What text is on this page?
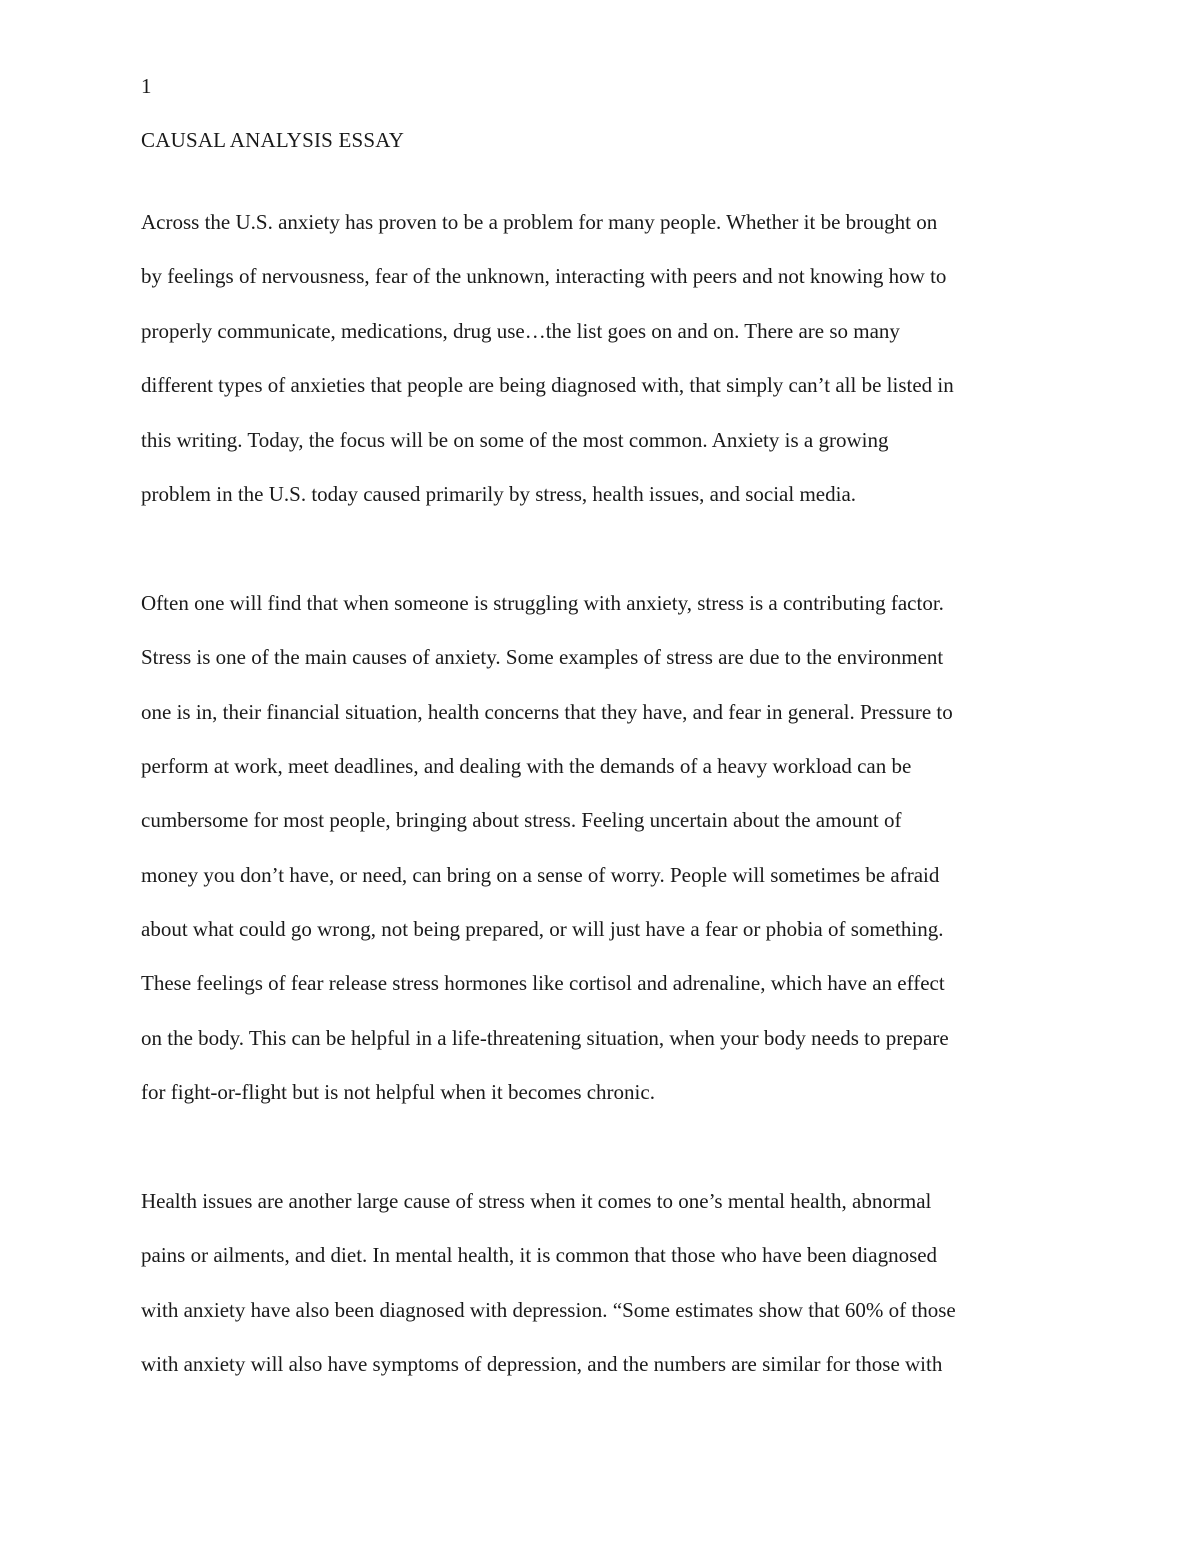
1
CAUSAL ANALYSIS ESSAY
Across the U.S. anxiety has proven to be a problem for many people. Whether it be brought on
by feelings of nervousness, fear of the unknown, interacting with peers and not knowing how to
properly communicate, medications, drug use…the list goes on and on. There are so many
different types of anxieties that people are being diagnosed with, that simply can’t all be listed in
this writing. Today, the focus will be on some of the most common. Anxiety is a growing
problem in the U.S. today caused primarily by stress, health issues, and social media.
Often one will find that when someone is struggling with anxiety, stress is a contributing factor.
Stress is one of the main causes of anxiety. Some examples of stress are due to the environment
one is in, their financial situation, health concerns that they have, and fear in general. Pressure to
perform at work, meet deadlines, and dealing with the demands of a heavy workload can be
cumbersome for most people, bringing about stress. Feeling uncertain about the amount of
money you don’t have, or need, can bring on a sense of worry. People will sometimes be afraid
about what could go wrong, not being prepared, or will just have a fear or phobia of something.
These feelings of fear release stress hormones like cortisol and adrenaline, which have an effect
on the body. This can be helpful in a life-threatening situation, when your body needs to prepare
for fight-or-flight but is not helpful when it becomes chronic.
Health issues are another large cause of stress when it comes to one’s mental health, abnormal
pains or ailments, and diet. In mental health, it is common that those who have been diagnosed
with anxiety have also been diagnosed with depression. “Some estimates show that 60% of those
with anxiety will also have symptoms of depression, and the numbers are similar for those with
